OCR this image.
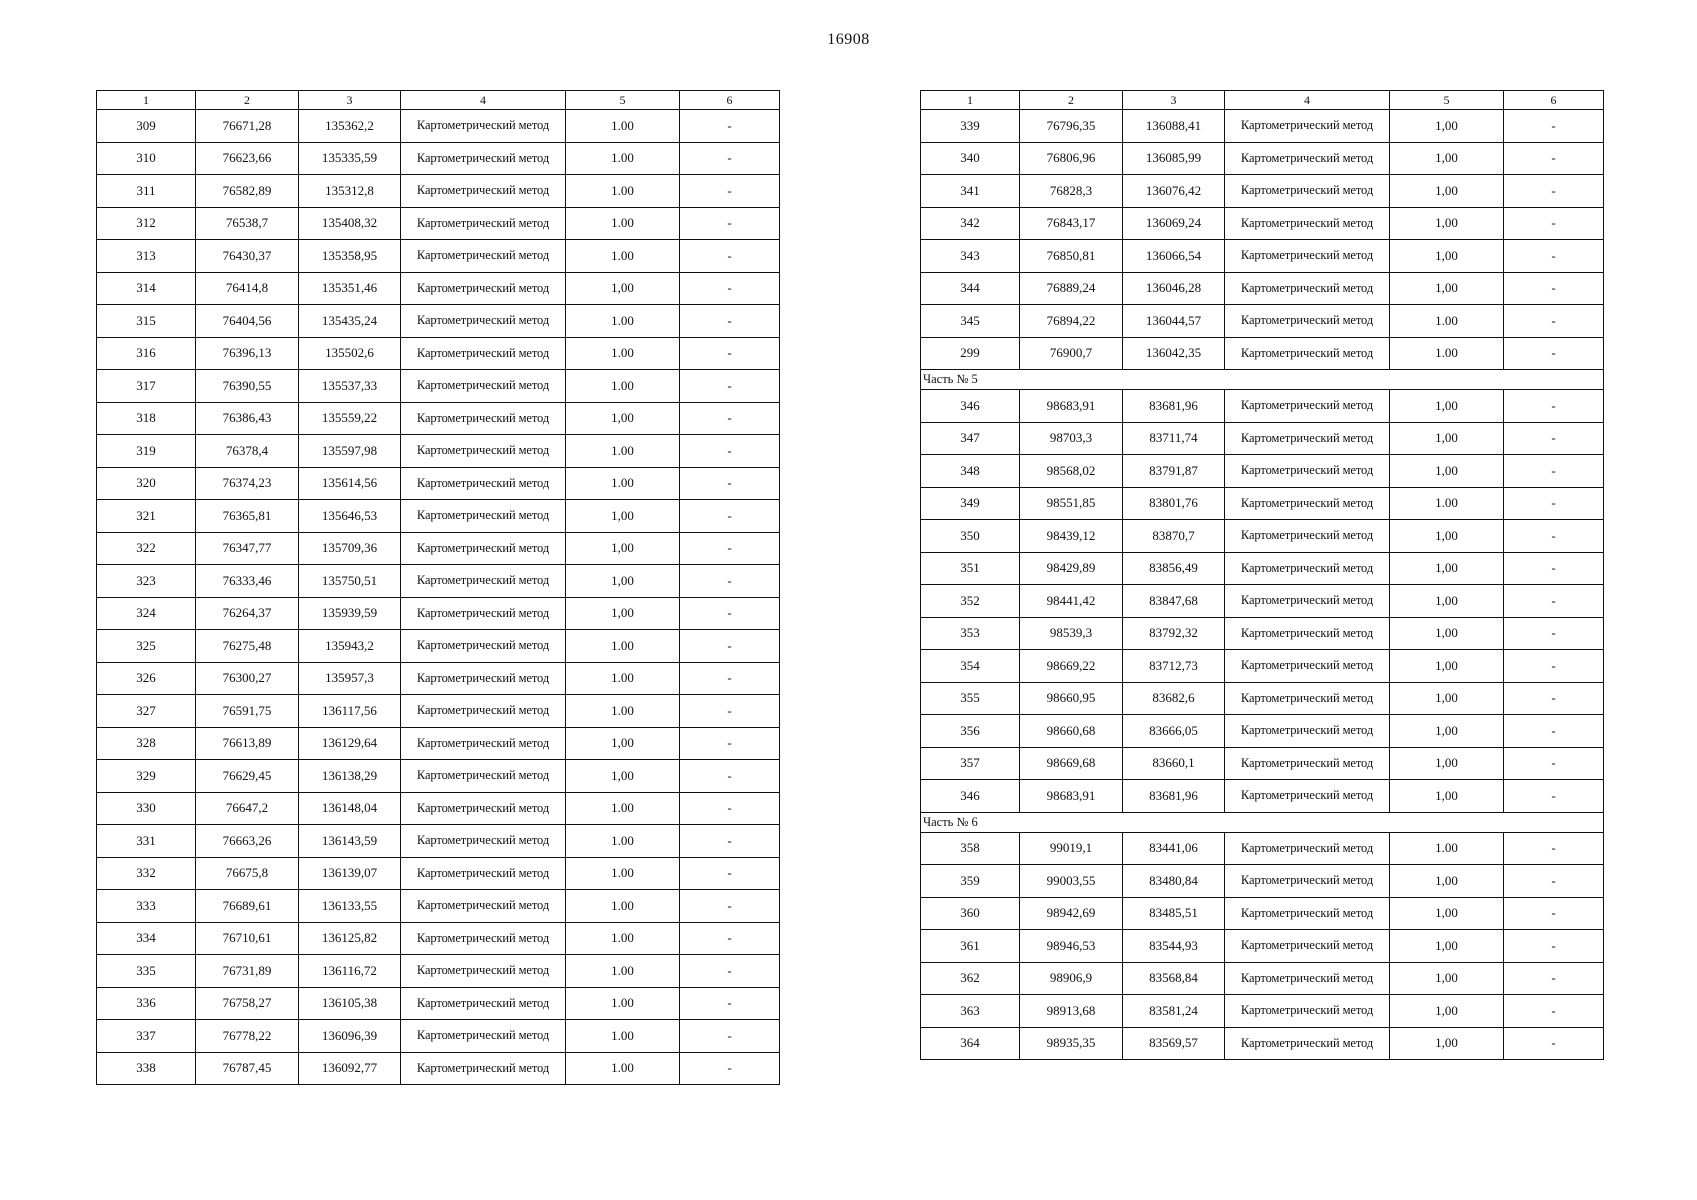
16908
1	2	3	4	5	6
309	76671,28	135362,2	Картометрический метод	1.00	-
310	76623,66	135335,59	Картометрический метод	1.00	-
311	76582,89	135312,8	Картометрический метод	1.00	-
312	76538,7	135408,32	Картометрический метод	1.00	-
313	76430,37	135358,95	Картометрический метод	1.00	-
314	76414,8	135351,46	Картометрический метод	1,00	-
315	76404,56	135435,24	Картометрический метод	1.00	-
316	76396,13	135502,6	Картометрический метод	1.00	-
317	76390,55	135537,33	Картометрический метод	1.00	-
318	76386,43	135559,22	Картометрический метод	1,00	-
319	76378,4	135597,98	Картометрический метод	1.00	-
320	76374,23	135614,56	Картометрический метод	1.00	-
321	76365,81	135646,53	Картометрический метод	1,00	-
322	76347,77	135709,36	Картометрический метод	1,00	-
323	76333,46	135750,51	Картометрический метод	1,00	-
324	76264,37	135939,59	Картометрический метод	1,00	-
325	76275,48	135943,2	Картометрический метод	1.00	-
326	76300,27	135957,3	Картометрический метод	1.00	-
327	76591,75	136117,56	Картометрический метод	1.00	-
328	76613,89	136129,64	Картометрический метод	1,00	-
329	76629,45	136138,29	Картометрический метод	1,00	-
330	76647,2	136148,04	Картометрический метод	1.00	-
331	76663,26	136143,59	Картометрический метод	1.00	-
332	76675,8	136139,07	Картометрический метод	1.00	-
333	76689,61	136133,55	Картометрический метод	1.00	-
334	76710,61	136125,82	Картометрический метод	1.00	-
335	76731,89	136116,72	Картометрический метод	1.00	-
336	76758,27	136105,38	Картометрический метод	1.00	-
337	76778,22	136096,39	Картометрический метод	1.00	-
338	76787,45	136092,77	Картометрический метод	1.00	-
1	2	3	4	5	6
339	76796,35	136088,41	Картометрический метод	1,00	-
340	76806,96	136085,99	Картометрический метод	1,00	-
341	76828,3	136076,42	Картометрический метод	1,00	-
342	76843,17	136069,24	Картометрический метод	1,00	-
343	76850,81	136066,54	Картометрический метод	1,00	-
344	76889,24	136046,28	Картометрический метод	1,00	-
345	76894,22	136044,57	Картометрический метод	1.00	-
299	76900,7	136042,35	Картометрический метод	1.00	-
Часть № 5					
346	98683,91	83681,96	Картометрический метод	1,00	-
347	98703,3	83711,74	Картометрический метод	1,00	-
348	98568,02	83791,87	Картометрический метод	1,00	-
349	98551,85	83801,76	Картометрический метод	1.00	-
350	98439,12	83870,7	Картометрический метод	1,00	-
351	98429,89	83856,49	Картометрический метод	1,00	-
352	98441,42	83847,68	Картометрический метод	1,00	-
353	98539,3	83792,32	Картометрический метод	1,00	-
354	98669,22	83712,73	Картометрический метод	1,00	-
355	98660,95	83682,6	Картометрический метод	1,00	-
356	98660,68	83666,05	Картометрический метод	1,00	-
357	98669,68	83660,1	Картометрический метод	1,00	-
346	98683,91	83681,96	Картометрический метод	1,00	-
Часть № 6					
358	99019,1	83441,06	Картометрический метод	1.00	-
359	99003,55	83480,84	Картометрический метод	1,00	-
360	98942,69	83485,51	Картометрический метод	1,00	-
361	98946,53	83544,93	Картометрический метод	1,00	-
362	98906,9	83568,84	Картометрический метод	1,00	-
363	98913,68	83581,24	Картометрический метод	1,00	-
364	98935,35	83569,57	Картометрический метод	1,00	-
